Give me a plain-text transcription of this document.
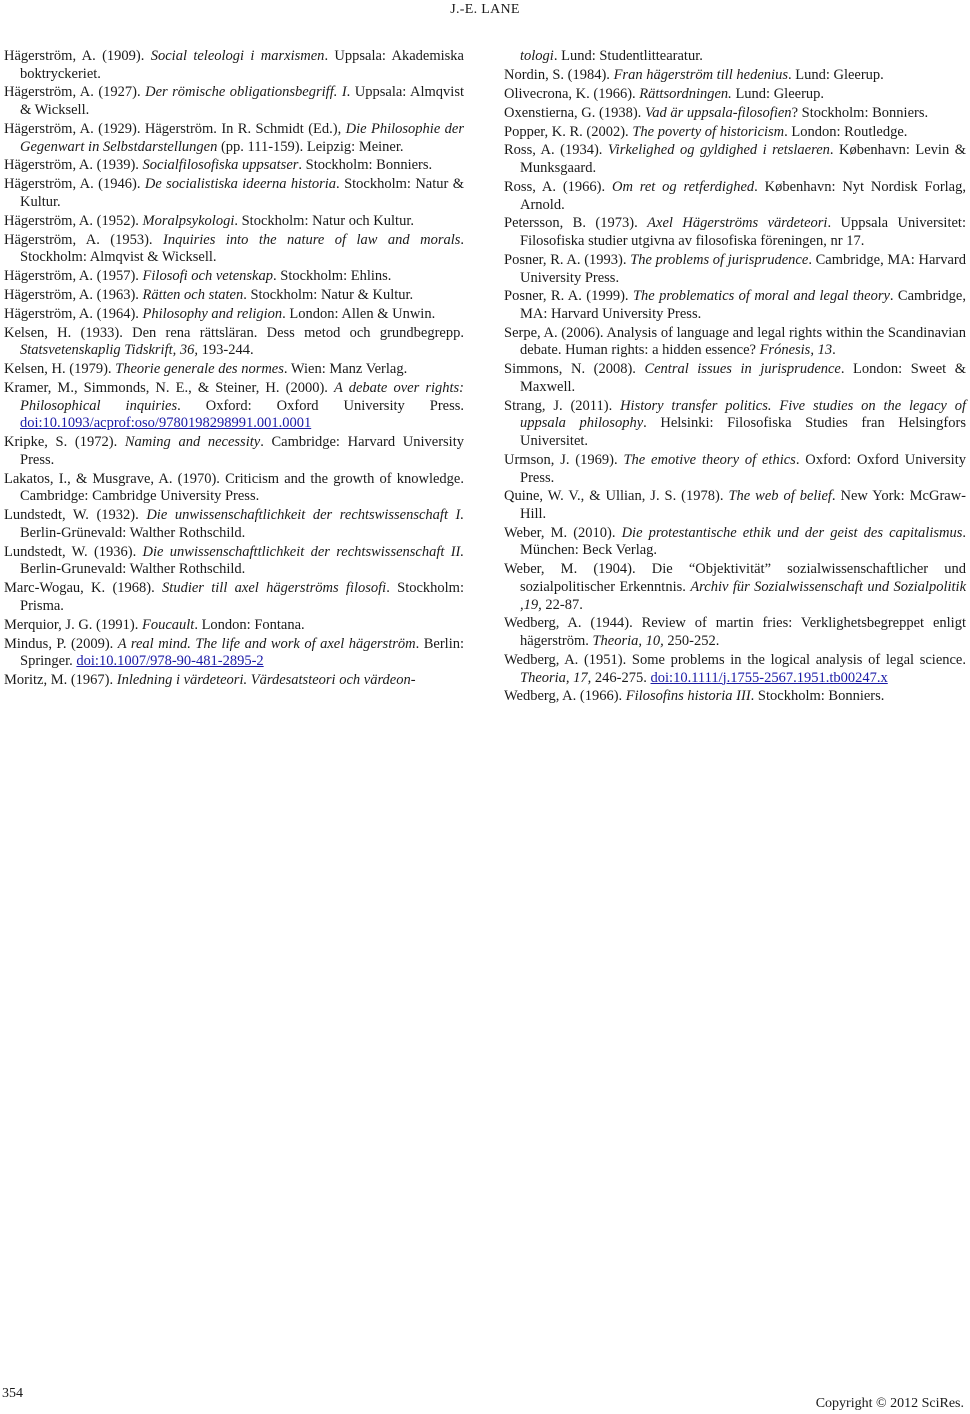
J.-E. LANE

Hägerström, A. (1909). Social teleologi i marxismen. Uppsala: Akademiska boktryckeriet.

Hägerström, A. (1927). Der römische obligationsbegriff. I. Uppsala: Almqvist & Wicksell.

Hägerström, A. (1929). Hägerström. In R. Schmidt (Ed.), Die Philosophie der Gegenwart in Selbstdarstellungen (pp. 111-159). Leipzig: Meiner.

Hägerström, A. (1939). Socialfilosofiska uppsatser. Stockholm: Bonniers.

Hägerström, A. (1946). De socialistiska ideerna historia. Stockholm: Natur & Kultur.

Hägerström, A. (1952). Moralpsykologi. Stockholm: Natur och Kultur.

Hägerström, A. (1953). Inquiries into the nature of law and morals. Stockholm: Almqvist & Wicksell.

Hägerström, A. (1957). Filosofi och vetenskap. Stockholm: Ehlins.

Hägerström, A. (1963). Rätten och staten. Stockholm: Natur & Kultur.

Hägerström, A. (1964). Philosophy and religion. London: Allen & Unwin.

Kelsen, H. (1933). Den rena rättsläran. Dess metod och grundbegrepp. Statsvetenskaplig Tidskrift, 36, 193-244.

Kelsen, H. (1979). Theorie generale des normes. Wien: Manz Verlag.

Kramer, M., Simmonds, N. E., & Steiner, H. (2000). A debate over rights: Philosophical inquiries. Oxford: Oxford University Press. doi:10.1093/acprof:oso/9780198298991.001.0001

Kripke, S. (1972). Naming and necessity. Cambridge: Harvard University Press.

Lakatos, I., & Musgrave, A. (1970). Criticism and the growth of knowledge. Cambridge: Cambridge University Press.

Lundstedt, W. (1932). Die unwissenschaftlichkeit der rechtswissenschaft I. Berlin-Grünevald: Walther Rothschild.

Lundstedt, W. (1936). Die unwissenschafttlichkeit der rechtswissenschaft II. Berlin-Grunevald: Walther Rothschild.

Marc-Wogau, K. (1968). Studier till axel hägerströms filosofi. Stockholm: Prisma.

Merquior, J. G. (1991). Foucault. London: Fontana.

Mindus, P. (2009). A real mind. The life and work of axel hägerström. Berlin: Springer. doi:10.1007/978-90-481-2895-2

Moritz, M. (1967). Inledning i värdeteori. Värdesatsteori och värdeon-

tologi. Lund: Studentlittearatur.

Nordin, S. (1984). Fran hägerström till hedenius. Lund: Gleerup.

Olivecrona, K. (1966). Rättsordningen. Lund: Gleerup.

Oxenstierna, G. (1938). Vad är uppsala-filosofien? Stockholm: Bonniers.

Popper, K. R. (2002). The poverty of historicism. London: Routledge.

Ross, A. (1934). Virkelighed og gyldighed i retslaeren. København: Levin & Munksgaard.

Ross, A. (1966). Om ret og retferdighed. København: Nyt Nordisk Forlag, Arnold.

Petersson, B. (1973). Axel Hägerströms värdeteori. Uppsala Universitet: Filosofiska studier utgivna av filosofiska föreningen, nr 17.

Posner, R. A. (1993). The problems of jurisprudence. Cambridge, MA: Harvard University Press.

Posner, R. A. (1999). The problematics of moral and legal theory. Cambridge, MA: Harvard University Press.

Serpe, A. (2006). Analysis of language and legal rights within the Scandinavian debate. Human rights: a hidden essence? Frónesis, 13.

Simmons, N. (2008). Central issues in jurisprudence. London: Sweet & Maxwell.

Strang, J. (2011). History transfer politics. Five studies on the legacy of uppsala philosophy. Helsinki: Filosofiska Studies fran Helsingfors Universitet.

Urmson, J. (1969). The emotive theory of ethics. Oxford: Oxford University Press.

Quine, W. V., & Ullian, J. S. (1978). The web of belief. New York: McGraw-Hill.

Weber, M. (2010). Die protestantische ethik und der geist des capitalismus. München: Beck Verlag.

Weber, M. (1904). Die “Objektivität” sozialwissenschaftlicher und sozialpolitischer Erkenntnis. Archiv für Sozialwissenschaft und Sozialpolitik ,19, 22-87.

Wedberg, A. (1944). Review of martin fries: Verklighetsbegreppet enligt hägerström. Theoria, 10, 250-252.

Wedberg, A. (1951). Some problems in the logical analysis of legal science. Theoria, 17, 246-275. doi:10.1111/j.1755-2567.1951.tb00247.x

Wedberg, A. (1966). Filosofins historia III. Stockholm: Bonniers.

354
Copyright © 2012 SciRes.
